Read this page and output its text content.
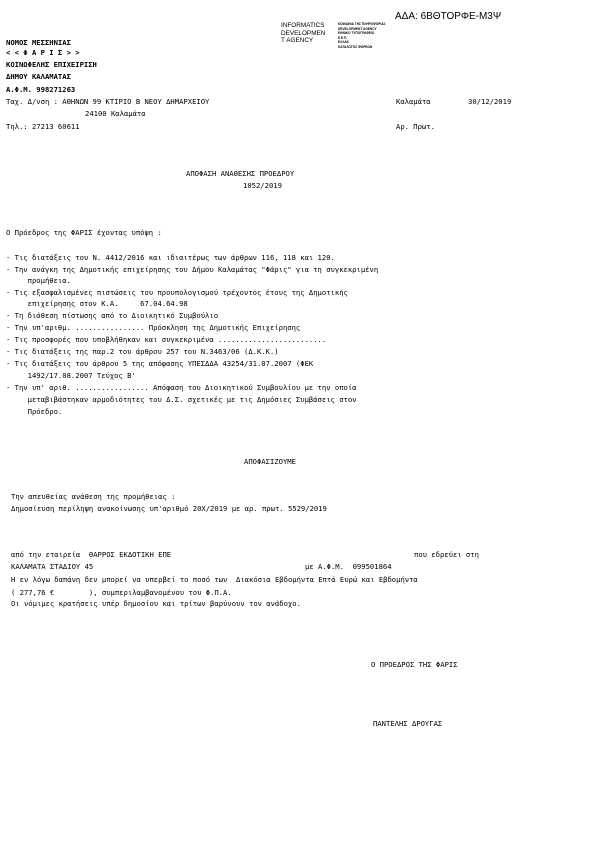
ΑΔΑ: 6ΒΘΤΟΡΦΕ-Μ3Ψ
INFORMATICS
DEVELOPMEN
T AGENCY
ΚΟΙΝΩΝΙΑ ΤΗΣ ΠΛΗΡΟΦΟΡΙΑΣ
DEVELOPMENT AGENCY
ΕΘΝΙΚΟ ΤΥΠΟΓΡΑΦΕΙΟ
Ε.Ε.Π.
ΕΛΛΑΚ
ΚΑΤΑΛΟΓΟΣ ΦΟΡΕΩΝ
ΝΟΜΟΣ ΜΕΣΣΗΝΙΑΣ
< < Φ Α Ρ Ι Σ > >
ΚΟΙΝΩΦΕΛΗΣ ΕΠΙΧΕΙΡΙΣΗ
ΔΗΜΟΥ ΚΑΛΑΜΑΤΑΣ
Α.Φ.Μ. 998271263
Ταχ. Δ/νση : ΑΘΗΝΩΝ 99 ΚΤΙΡΙΟ Β ΝΕΟΥ ΔΗΜΑΡΧΕΙΟΥ
24100 Καλαμάτα
Τηλ.: 27213 60611
Καλαμάτα	30/12/2019
Αρ. Πρωτ.
ΑΠΟΦΑΣΗ ΑΝΑΘΕΣΗΣ ΠΡΟΕΔΡΟΥ
1052/2019
Ο Πρόεδρος της ΦΑΡΙΣ έχοντας υπόψη :
- Τις διατάξεις του Ν. 4412/2016 και ιδιαιτέρως των άρθρων 116, 118 και 120.
- Την ανάγκη της Δημοτικής επιχείρησης του Δήμου Καλαμάτας "Φάρις" για τη συγκεκριμένη
προμήθεια.
- Τις εξασφαλισμένες πιστώσεις του προυπολογισμού τρέχοντος έτους της Δημοτικής
επιχείρησης στον Κ.Α.     67.04.64.98
- Τη διάθεση πίστωσης από το Διοικητικό Συμβούλιο
- Την υπ'αριθμ. ................ Πρόσκληση της Δημοτικής Επιχείρησης
- Τις προσφορές που υποβλήθηκαν και συγκεκριμένα .........................
- Τις διατάξεις της παρ.2 του άρθρου 257 του Ν.3463/06 (Δ.Κ.Κ.)
- Τις διατάξεις του άρθρου 5 της απόφασης ΥΠΕΣΔΔΑ 43254/31.07.2007 (ΦΕΚ
1492/17.08.2007 Τεύχος Β'
- Την υπ' αριθ. ................. Απόφαση του Διοικητικού Συμβουλίου με την οποία
μεταβιβάστηκαν αρμοδιότητες του Δ.Σ. σχετικές με τις Δημόσιες Συμβάσεις στον
Πρόεδρο.
ΑΠΟΦΑΣΙΖΟΥΜΕ
Την απευθείας ανάθεση της προμήθειας :
Δημοσίευση περίληψη ανακοίνωσης υπ'αριθμό 20Χ/2019 με αρ. πρωτ. 5529/2019
από την εταιρεία  ΘΑΡΡΟΣ ΕΚΔΟΤΙΚΗ ΕΠΕ	που εδρεύει στη
ΚΑΛΑΜΑΤΑ ΣΤΑΔΙΟΥ 45	με Α.Φ.Μ.  099501864
Η εν λόγω δαπάνη δεν μπορεί να υπερβεί το ποσό των  Διακόσια Εβδομήντα Επτά Ευρώ και Εβδομήντα
( 277,76 €        ), συμπεριλαμβανομένου του Φ.Π.Α.
Οι νόμιμες κρατήσεις υπέρ δημοσίου και τρίτων βαρύνουν τον ανάδοχο.
Ο ΠΡΟΕΔΡΟΣ ΤΗΣ ΦΑΡΙΣ
ΠΑΝΤΕΛΗΣ ΔΡΟΥΓΑΣ
